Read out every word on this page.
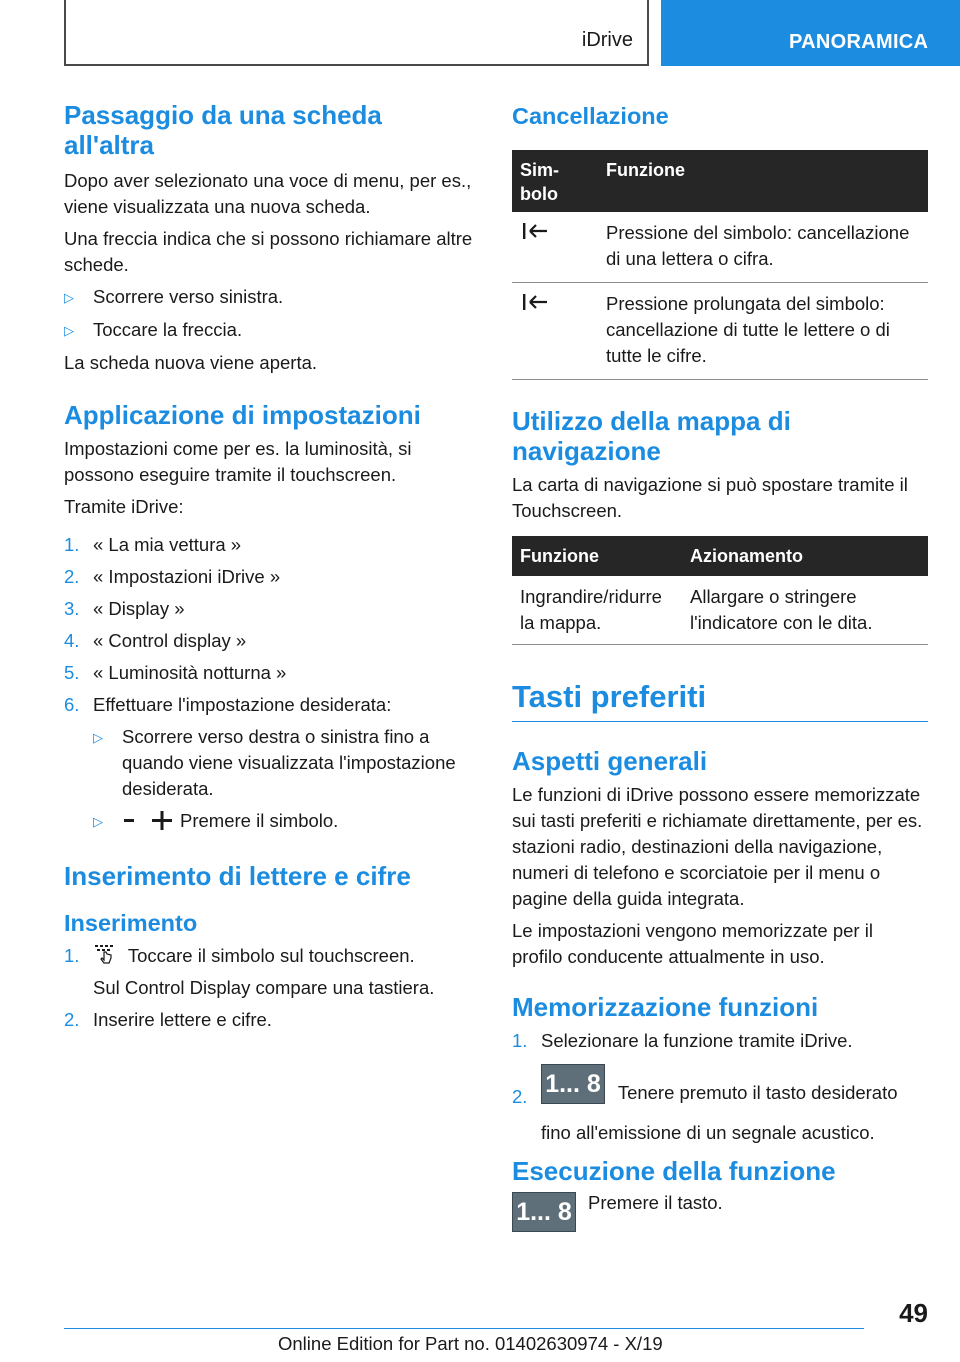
iDrive	PANORAMICA
Passaggio da una scheda all'altra
Dopo aver selezionato una voce di menu, per es., viene visualizzata una nuova scheda.
Una freccia indica che si possono richiamare altre schede.
▷	Scorrere verso sinistra.
▷	Toccare la freccia.
La scheda nuova viene aperta.
Applicazione di impostazioni
Impostazioni come per es. la luminosità, si possono eseguire tramite il touchscreen.
Tramite iDrive:
1. « La mia vettura »
2. « Impostazioni iDrive »
3. « Display »
4. « Control display »
5. « Luminosità notturna »
6. Effettuare l'impostazione desiderata:
▷	Scorrere verso destra o sinistra fino a quando viene visualizzata l'impostazione desiderata.
▷	Premere il simbolo.
Inserimento di lettere e cifre
Inserimento
1.	Toccare il simbolo sul touchscreen.
Sul Control Display compare una tastiera.
2. Inserire lettere e cifre.
Cancellazione
Sim-
bolo	Funzione
	Pressione del simbolo: cancellazione di una lettera o cifra.
	Pressione prolungata del simbolo: cancellazione di tutte le lettere o di tutte le cifre.
Utilizzo della mappa di navigazione
La carta di navigazione si può spostare tramite il Touchscreen.
Funzione	Azionamento
Ingrandire/ridurre la mappa.	Allargare o stringere l'indicatore con le dita.
Tasti preferiti
Aspetti generali
Le funzioni di iDrive possono essere memorizzate sui tasti preferiti e richiamate direttamente, per es. stazioni radio, destinazioni della navigazione, numeri di telefono e scorciatoie per il menu o pagine della guida integrata.
Le impostazioni vengono memorizzate per il profilo conducente attualmente in uso.
Memorizzazione funzioni
1. Selezionare la funzione tramite iDrive.
2. 1... 8 Tenere premuto il tasto desiderato fino all'emissione di un segnale acustico.
Esecuzione della funzione
1... 8 Premere il tasto.
49
Online Edition for Part no. 01402630974 - X/19
